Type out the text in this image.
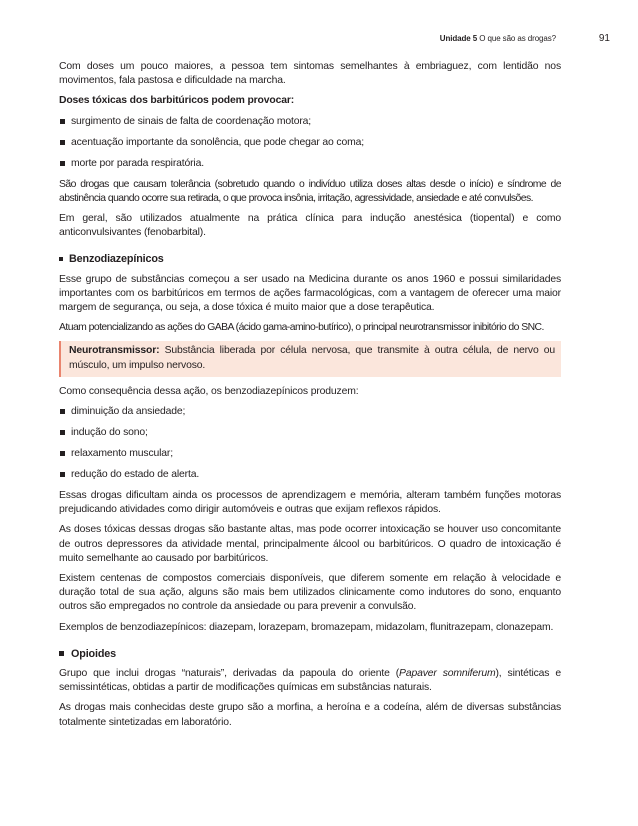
Unidade 5 O que são as drogas?	91

Com doses um pouco maiores, a pessoa tem sintomas semelhantes à embriaguez, com lentidão nos movimentos, fala pastosa e dificuldade na marcha.

Doses tóxicas dos barbitúricos podem provocar:
surgimento de sinais de falta de coordenação motora;
acentuação importante da sonolência, que pode chegar ao coma;
morte por parada respiratória.

São drogas que causam tolerância (sobretudo quando o indivíduo utiliza doses altas desde o início) e síndrome de abstinência quando ocorre sua retirada, o que provoca insônia, irritação, agressividade, ansiedade e até convulsões.

Em geral, são utilizados atualmente na prática clínica para indução anestésica (tiopental) e como anticonvulsivantes (fenobarbital).

Benzodiazepínicos

Esse grupo de substâncias começou a ser usado na Medicina durante os anos 1960 e possui similaridades importantes com os barbitúricos em termos de ações farmacológicas, com a vantagem de oferecer uma maior margem de segurança, ou seja, a dose tóxica é muito maior que a dose terapêutica.

Atuam potencializando as ações do GABA (ácido gama-amino-butírico), o principal neurotransmissor inibitório do SNC.

Neurotransmissor: Substância liberada por célula nervosa, que transmite à outra célula, de nervo ou músculo, um impulso nervoso.

Como consequência dessa ação, os benzodiazepínicos produzem:

diminuição da ansiedade;
indução do sono;
relaxamento muscular;
redução do estado de alerta.

Essas drogas dificultam ainda os processos de aprendizagem e memória, alteram também funções motoras prejudicando atividades como dirigir automóveis e outras que exijam reflexos rápidos.

As doses tóxicas dessas drogas são bastante altas, mas pode ocorrer intoxicação se houver uso concomitante de outros depressores da atividade mental, principalmente álcool ou barbitúricos. O quadro de intoxicação é muito semelhante ao causado por barbitúricos.

Existem centenas de compostos comerciais disponíveis, que diferem somente em relação à velocidade e duração total de sua ação, alguns são mais bem utilizados clinicamente como indutores do sono, enquanto outros são empregados no controle da ansiedade ou para prevenir a convulsão.

Exemplos de benzodiazepínicos: diazepam, lorazepam, bromazepam, midazolam, flunitrazepam, clonazepam.

Opioides

Grupo que inclui drogas “naturais”, derivadas da papoula do oriente (Papaver somniferum), sintéticas e semissintéticas, obtidas a partir de modificações químicas em substâncias naturais.

As drogas mais conhecidas deste grupo são a morfina, a heroína e a codeína, além de diversas substâncias totalmente sintetizadas em laboratório.
